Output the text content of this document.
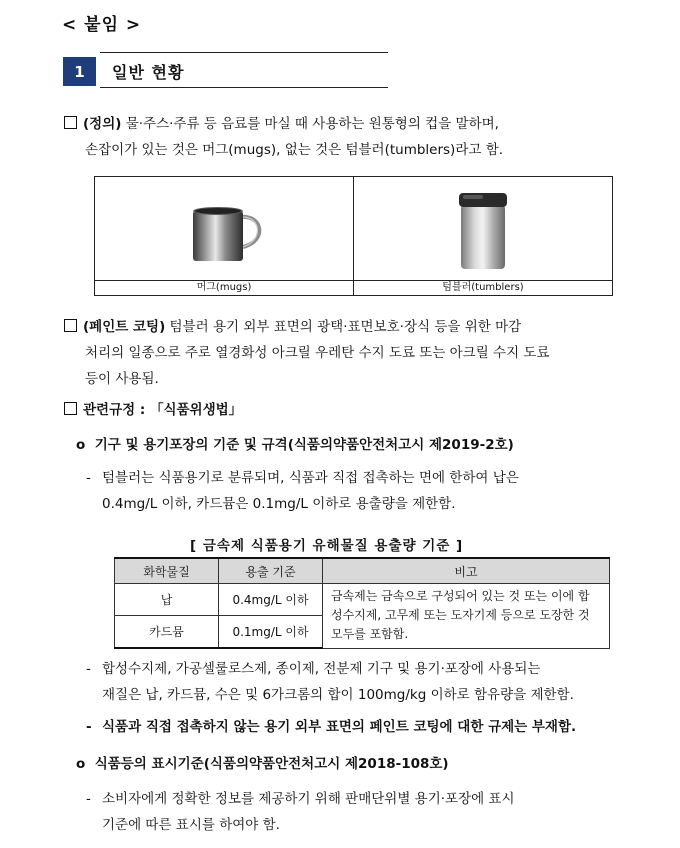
< 붙임 >
1	일반 현황
(정의) 물·주스·주류 등 음료를 마실 때 사용하는 원통형의 컵을 말하며,
손잡이가 있는 것은 머그(mugs), 없는 것은 텀블러(tumblers)라고 함.
머그(mugs)	텀블러(tumblers)
(페인트 코팅) 텀블러 용기 외부 표면의 광택·표면보호·장식 등을 위한 마감
처리의 일종으로 주로 열경화성 아크릴 우레탄 수지 도료 또는 아크릴 수지 도료
등이 사용됨.
관련규정 : 「식품위생법」
o 기구 및 용기포장의 기준 및 규격(식품의약품안전처고시 제2019-2호)
- 텀블러는 식품용기로 분류되며, 식품과 직접 접촉하는 면에 한하여 납은
0.4mg/L 이하, 카드뮴은 0.1mg/L 이하로 용출량을 제한함.
[ 금속제 식품용기 유해물질 용출량 기준 ]
화학물질	용출 기준	비고
납	0.4mg/L 이하	금속제는 금속으로 구성되어 있는 것 또는 이에 합성수지제, 고무제 또는 도자기제 등으로 도장한 것 모두를 포함함.
카드뮴	0.1mg/L 이하	
- 합성수지제, 가공셀룰로스제, 종이제, 전분제 기구 및 용기·포장에 사용되는
재질은 납, 카드뮴, 수은 및 6가크롬의 합이 100mg/kg 이하로 함유량을 제한함.
- 식품과 직접 접촉하지 않는 용기 외부 표면의 페인트 코팅에 대한 규제는 부재함.
o 식품등의 표시기준(식품의약품안전처고시 제2018-108호)
- 소비자에게 정확한 정보를 제공하기 위해 판매단위별 용기·포장에 표시
기준에 따른 표시를 하여야 함.
